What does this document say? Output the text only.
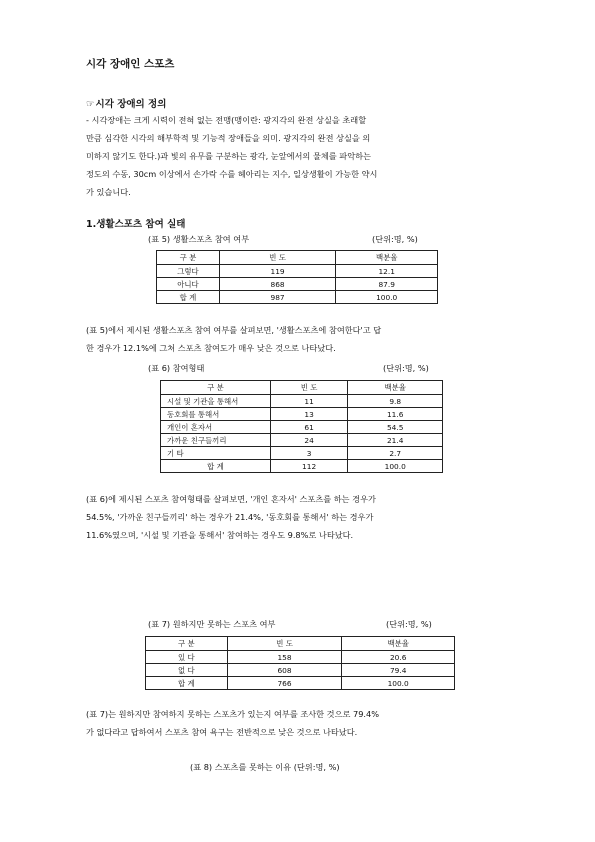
시각 장애인 스포츠
☞시각 장애의 정의
- 시각장애는 크게 시력이 전혀 없는 전맹(맹이란: 광지각의 완전 상실을 초래할
만큼 심각한 시각의 해부학적 및 기능적 장애들을 의미. 광지각의 완전 상실을 의
미하지 않기도 한다.)과 빛의 유무를 구분하는 광각, 눈앞에서의 물체를 파악하는
정도의 수동, 30cm 이상에서 손가락 수를 헤아리는 지수, 일상생활이 가능한 약시
가 있습니다.
1.생활스포츠 참여 실태
(표 5) 생활스포츠 참여 여부	(단위:명, %)
구 분	빈 도	백분율
그렇다	119	12.1
아니다	868	87.9
합 계	987	100.0
(표 5)에서 제시된 생활스포츠 참여 여부를 살펴보면, '생활스포츠에 참여한다'고 답
한 경우가 12.1%에 그쳐 스포츠 참여도가 매우 낮은 것으로 나타났다.
(표 6) 참여형태	(단위:명, %)
구 분	빈 도	백분율
시설 및 기관을 통해서	11	9.8
동호회를 통해서	13	11.6
개인이 혼자서	61	54.5
가까운 친구들끼리	24	21.4
기 타	3	2.7
합 계	112	100.0
(표 6)에 제시된 스포츠 참여형태를 살펴보면, '개인 혼자서' 스포츠를 하는 경우가
54.5%, '가까운 친구들끼리' 하는 경우가 21.4%, '동호회를 통해서' 하는 경우가
11.6%였으며, '시설 및 기관을 통해서' 참여하는 경우도 9.8%로 나타났다.
(표 7) 원하지만 못하는 스포츠 여부	(단위:명, %)
구 분	빈 도	백분율
있 다	158	20.6
없 다	608	79.4
합 계	766	100.0
(표 7)는 원하지만 참여하지 못하는 스포츠가 있는지 여부를 조사한 것으로 79.4%
가 없다라고 답하여서 스포츠 참여 욕구는 전반적으로 낮은 것으로 나타났다.
(표 8) 스포츠를 못하는 이유 (단위:명, %)
